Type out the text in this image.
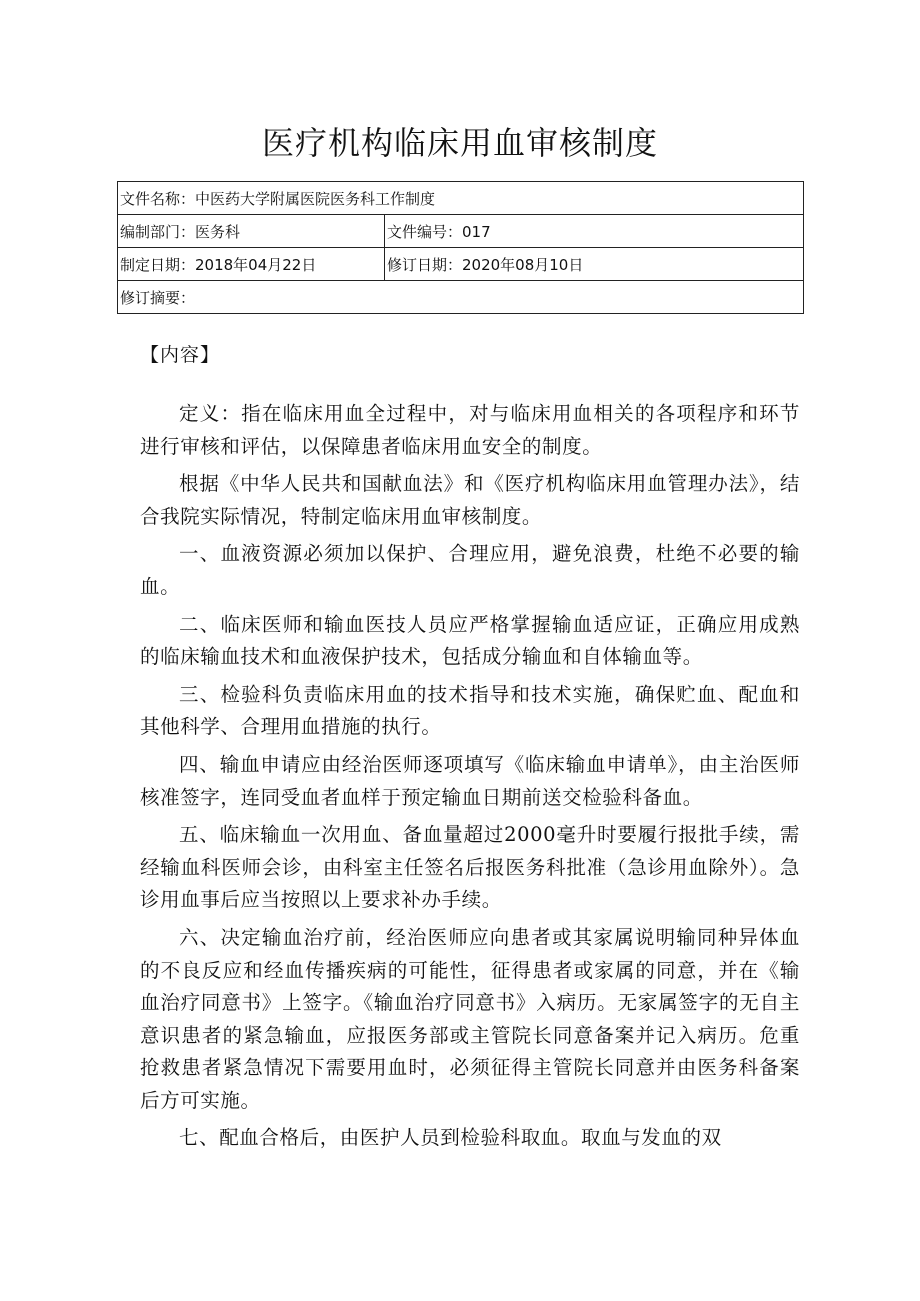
医疗机构临床用血审核制度
文件名称：中医药大学附属医院医务科工作制度	
编制部门：医务科	文件编号：017
制定日期：2018年04月22日	修订日期：2020年08月10日
修订摘要：	
【内容】

定义：指在临床用血全过程中，对与临床用血相关的各项程序和环节进行审核和评估，以保障患者临床用血安全的制度。

根据《中华人民共和国献血法》和《医疗机构临床用血管理办法》，结合我院实际情况，特制定临床用血审核制度。

一、血液资源必须加以保护、合理应用，避免浪费，杜绝不必要的输血。

二、临床医师和输血医技人员应严格掌握输血适应证，正确应用成熟的临床输血技术和血液保护技术，包括成分输血和自体输血等。

三、检验科负责临床用血的技术指导和技术实施，确保贮血、配血和其他科学、合理用血措施的执行。

四、输血申请应由经治医师逐项填写《临床输血申请单》，由主治医师核准签字，连同受血者血样于预定输血日期前送交检验科备血。

五、临床输血一次用血、备血量超过2000毫升时要履行报批手续，需经输血科医师会诊，由科室主任签名后报医务科批准（急诊用血除外）。急诊用血事后应当按照以上要求补办手续。

六、决定输血治疗前，经治医师应向患者或其家属说明输同种异体血的不良反应和经血传播疾病的可能性，征得患者或家属的同意，并在《输血治疗同意书》上签字。《输血治疗同意书》入病历。无家属签字的无自主意识患者的紧急输血，应报医务部或主管院长同意备案并记入病历。危重抢救患者紧急情况下需要用血时，必须征得主管院长同意并由医务科备案后方可实施。

七、配血合格后，由医护人员到检验科取血。取血与发血的双
